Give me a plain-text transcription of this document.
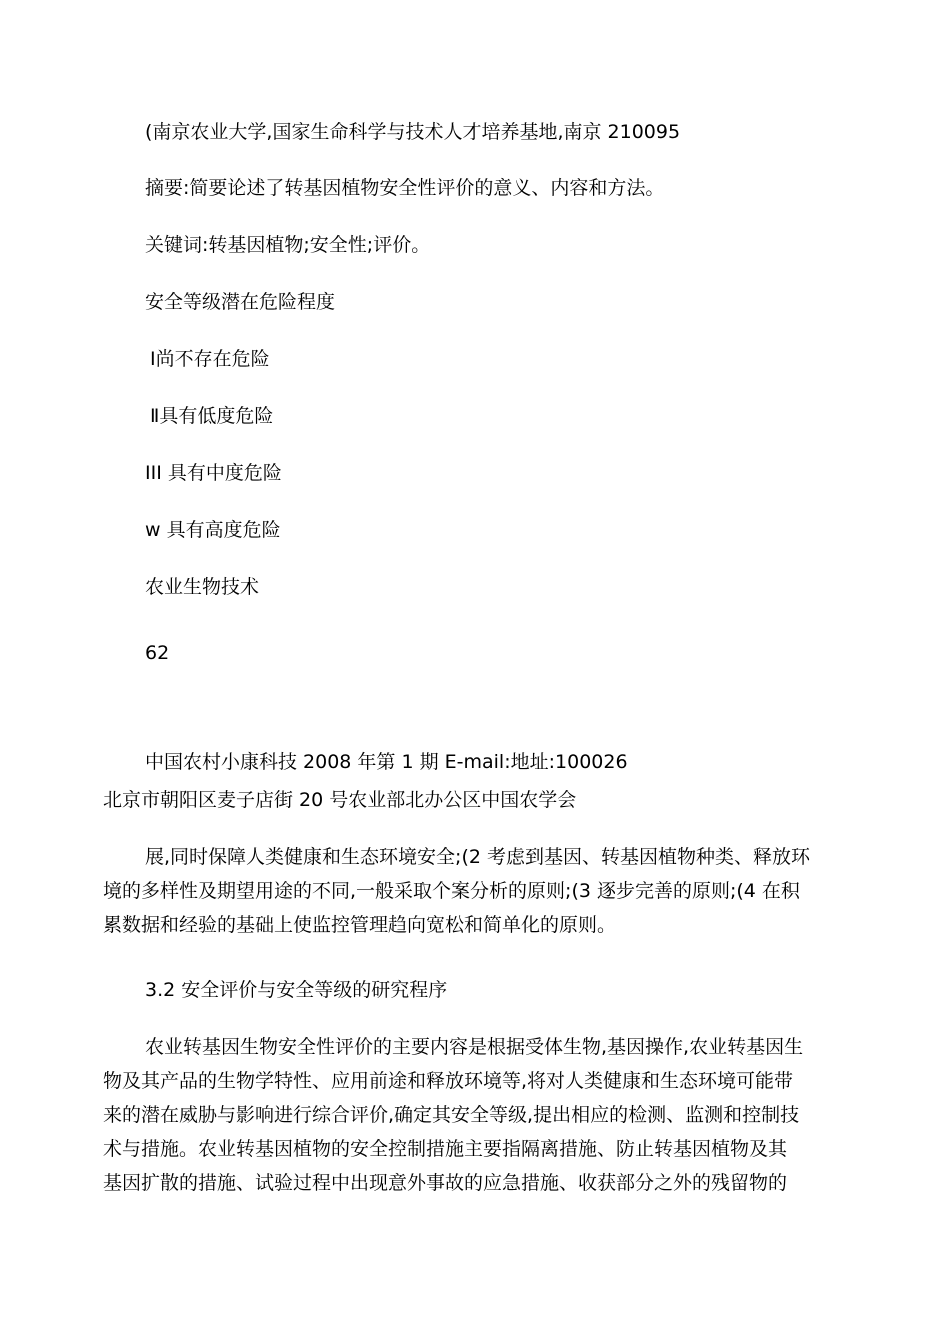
(南京农业大学,国家生命科学与技术人才培养基地,南京 210095
摘要:简要论述了转基因植物安全性评价的意义、内容和方法。
关键词:转基因植物;安全性;评价。
安全等级潜在危险程度
Ⅰ尚不存在危险
Ⅱ具有低度危险
III 具有中度危险
w 具有高度危险
农业生物技术
62
中国农村小康科技 2008 年第 1 期 E-mail:地址:100026
北京市朝阳区麦子店街 20 号农业部北办公区中国农学会
展,同时保障人类健康和生态环境安全;(2 考虑到基因、转基因植物种类、释放环
境的多样性及期望用途的不同,一般采取个案分析的原则;(3 逐步完善的原则;(4 在积
累数据和经验的基础上使监控管理趋向宽松和简单化的原则。
3.2 安全评价与安全等级的研究程序
农业转基因生物安全性评价的主要内容是根据受体生物,基因操作,农业转基因生
物及其产品的生物学特性、应用前途和释放环境等,将对人类健康和生态环境可能带
来的潜在威胁与影响进行综合评价,确定其安全等级,提出相应的检测、监测和控制技
术与措施。农业转基因植物的安全控制措施主要指隔离措施、防止转基因植物及其
基因扩散的措施、试验过程中出现意外事故的应急措施、收获部分之外的残留物的
